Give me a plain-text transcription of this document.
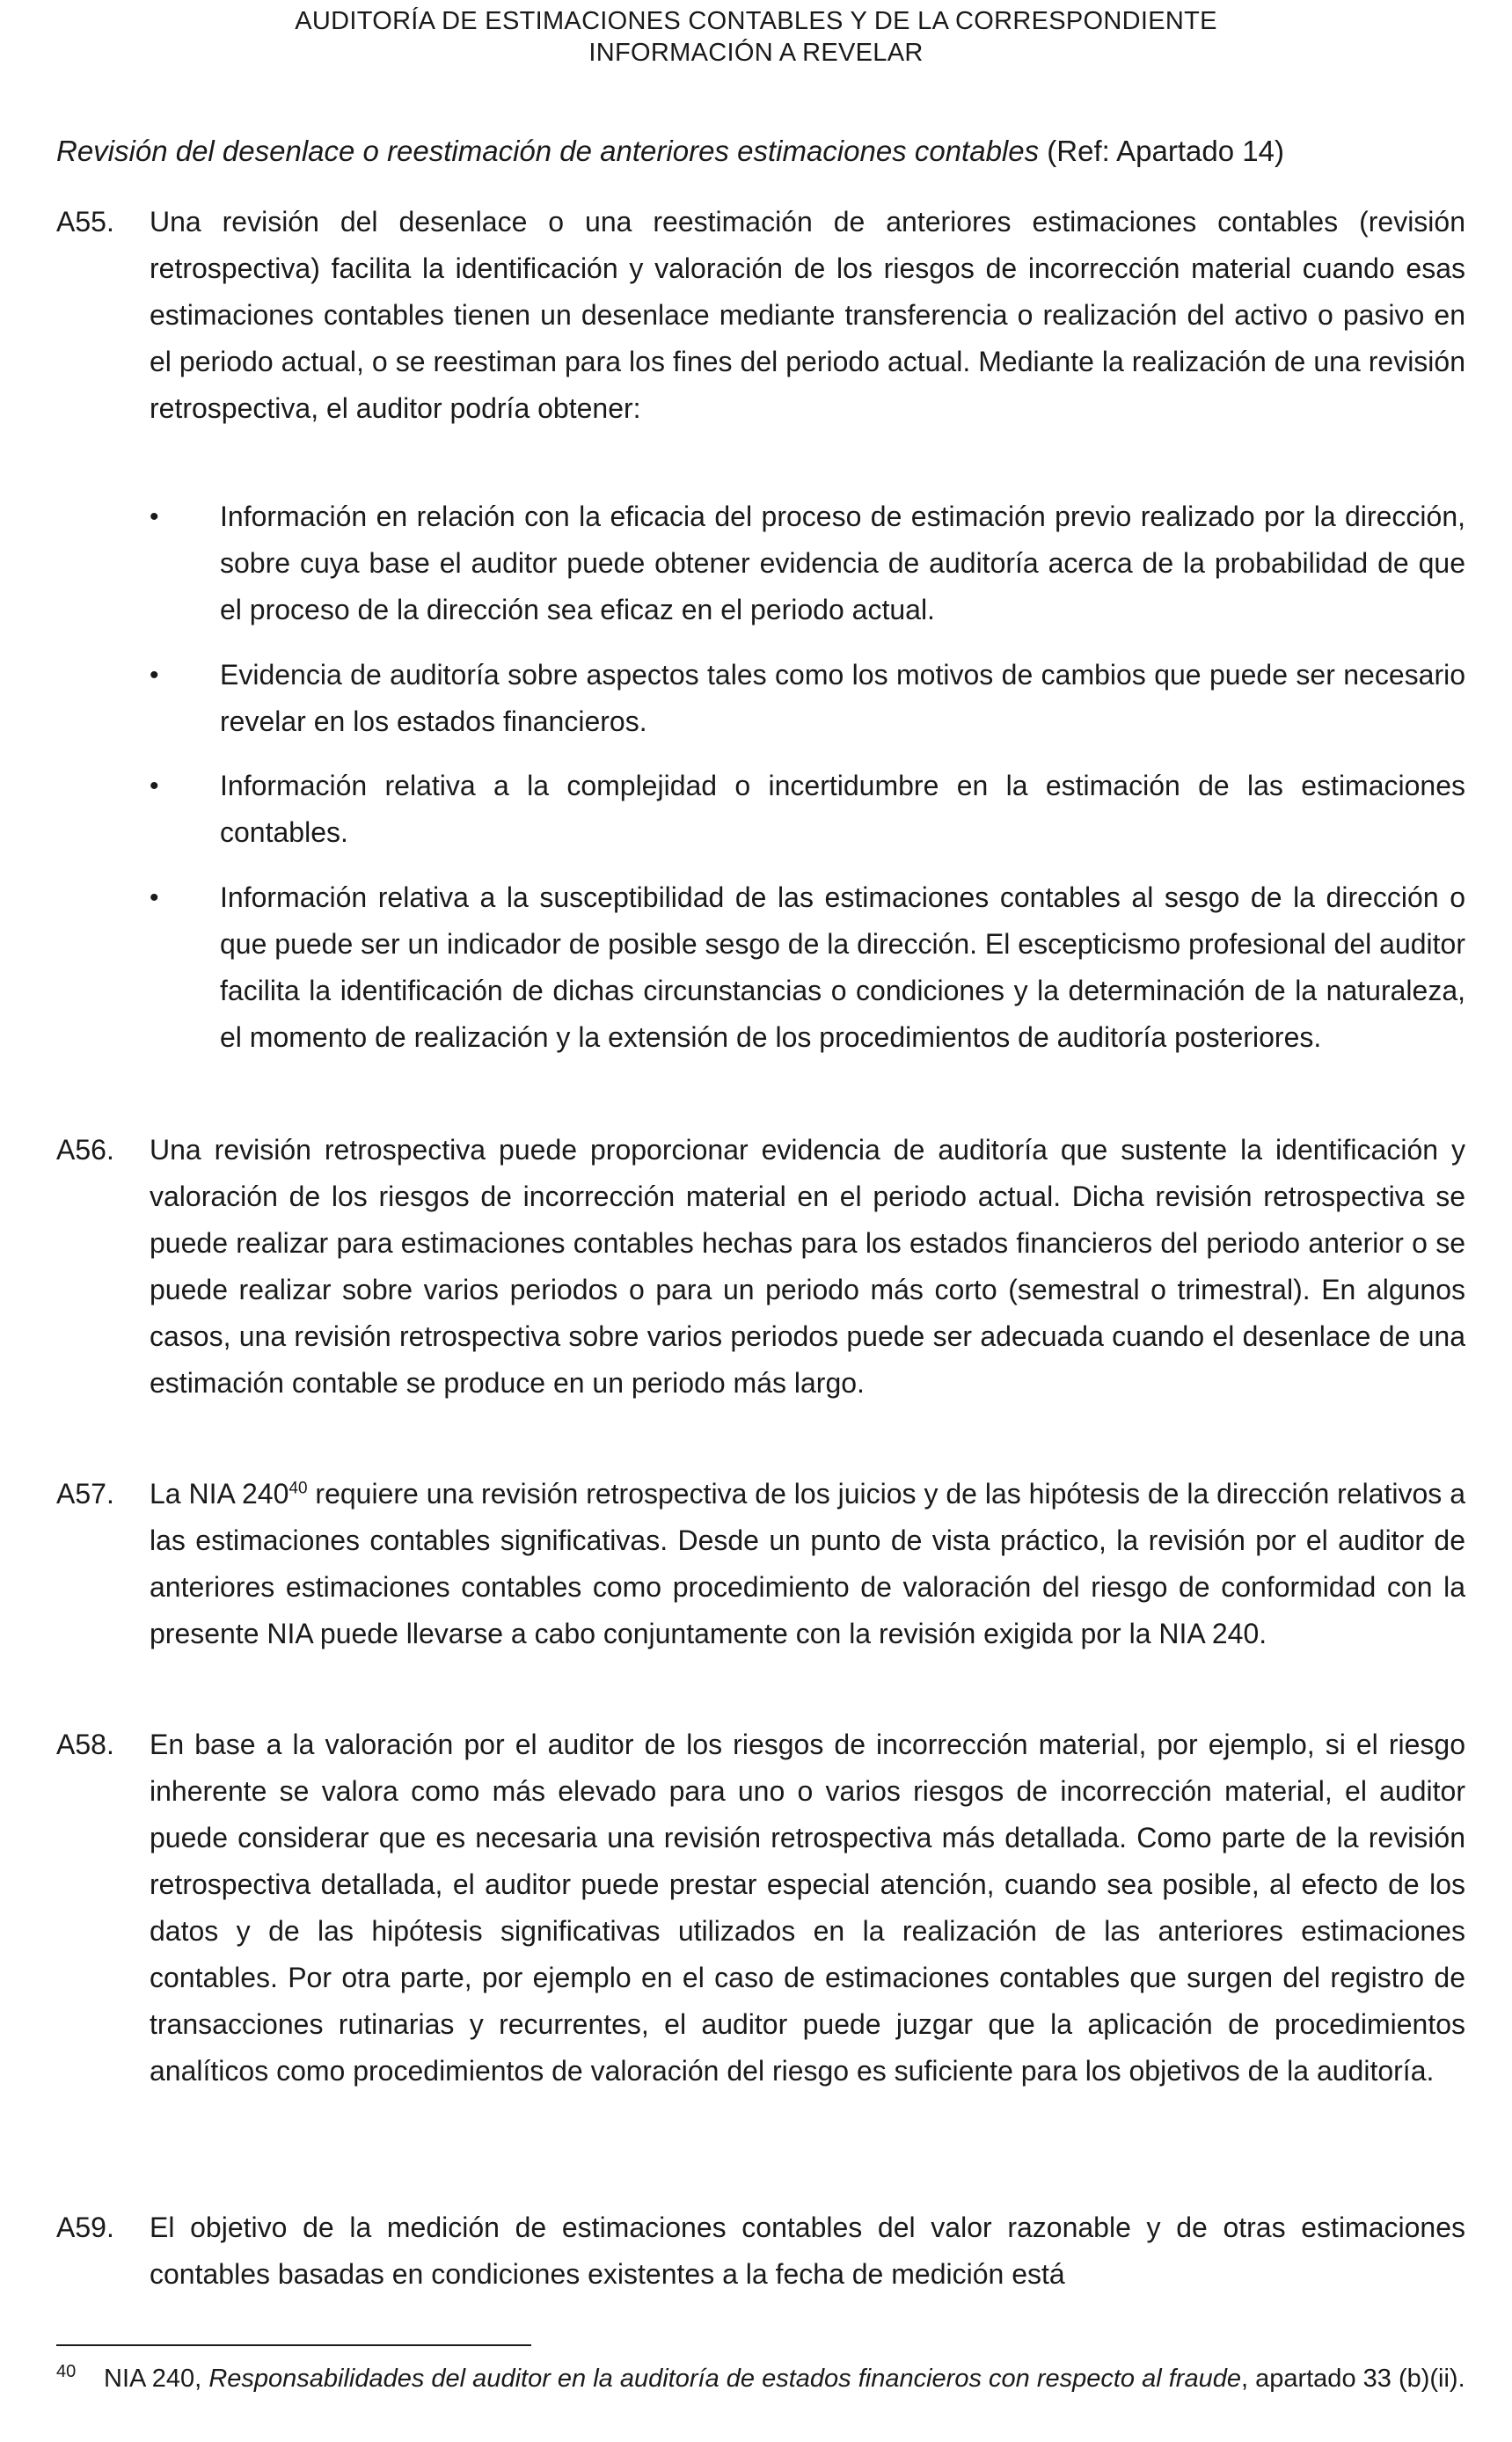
AUDITORÍA DE ESTIMACIONES CONTABLES Y DE LA CORRESPONDIENTE
INFORMACIÓN A REVELAR
Revisión del desenlace o reestimación de anteriores estimaciones contables (Ref: Apartado 14)
A55.	Una revisión del desenlace o una reestimación de anteriores estimaciones contables (revisión retrospectiva) facilita la identificación y valoración de los riesgos de incorrección material cuando esas estimaciones contables tienen un desenlace mediante transferencia o realización del activo o pasivo en el periodo actual, o se reestiman para los fines del periodo actual. Mediante la realización de una revisión retrospectiva, el auditor podría obtener:
•	Información en relación con la eficacia del proceso de estimación previo realizado por la dirección, sobre cuya base el auditor puede obtener evidencia de auditoría acerca de la probabilidad de que el proceso de la dirección sea eficaz en el periodo actual.
•	Evidencia de auditoría sobre aspectos tales como los motivos de cambios que puede ser necesario revelar en los estados financieros.
•	Información relativa a la complejidad o incertidumbre en la estimación de las estimaciones contables.
•	Información relativa a la susceptibilidad de las estimaciones contables al sesgo de la dirección o que puede ser un indicador de posible sesgo de la dirección. El escepticismo profesional del auditor facilita la identificación de dichas circunstancias o condiciones y la determinación de la naturaleza, el momento de realización y la extensión de los procedimientos de auditoría posteriores.
A56.	Una revisión retrospectiva puede proporcionar evidencia de auditoría que sustente la identificación y valoración de los riesgos de incorrección material en el periodo actual. Dicha revisión retrospectiva se puede realizar para estimaciones contables hechas para los estados financieros del periodo anterior o se puede realizar sobre varios periodos o para un periodo más corto (semestral o trimestral). En algunos casos, una revisión retrospectiva sobre varios periodos puede ser adecuada cuando el desenlace de una estimación contable se produce en un periodo más largo.
A57.	La NIA $240^{40}$ requiere una revisión retrospectiva de los juicios y de las hipótesis de la dirección relativos a las estimaciones contables significativas. Desde un punto de vista práctico, la revisión por el auditor de anteriores estimaciones contables como procedimiento de valoración del riesgo de conformidad con la presente NIA puede llevarse a cabo conjuntamente con la revisión exigida por la NIA 240.
A58.	En base a la valoración por el auditor de los riesgos de incorrección material, por ejemplo, si el riesgo inherente se valora como más elevado para uno o varios riesgos de incorrección material, el auditor puede considerar que es necesaria una revisión retrospectiva más detallada. Como parte de la revisión retrospectiva detallada, el auditor puede prestar especial atención, cuando sea posible, al efecto de los datos y de las hipótesis significativas utilizados en la realización de las anteriores estimaciones contables. Por otra parte, por ejemplo en el caso de estimaciones contables que surgen del registro de transacciones rutinarias y recurrentes, el auditor puede juzgar que la aplicación de procedimientos analíticos como procedimientos de valoración del riesgo es suficiente para los objetivos de la auditoría.
A59.	El objetivo de la medición de estimaciones contables del valor razonable y de otras estimaciones contables basadas en condiciones existentes a la fecha de medición está
40 NIA 240, Responsabilidades del auditor en la auditoría de estados financieros con respecto al fraude, apartado 33 (b)(ii).
